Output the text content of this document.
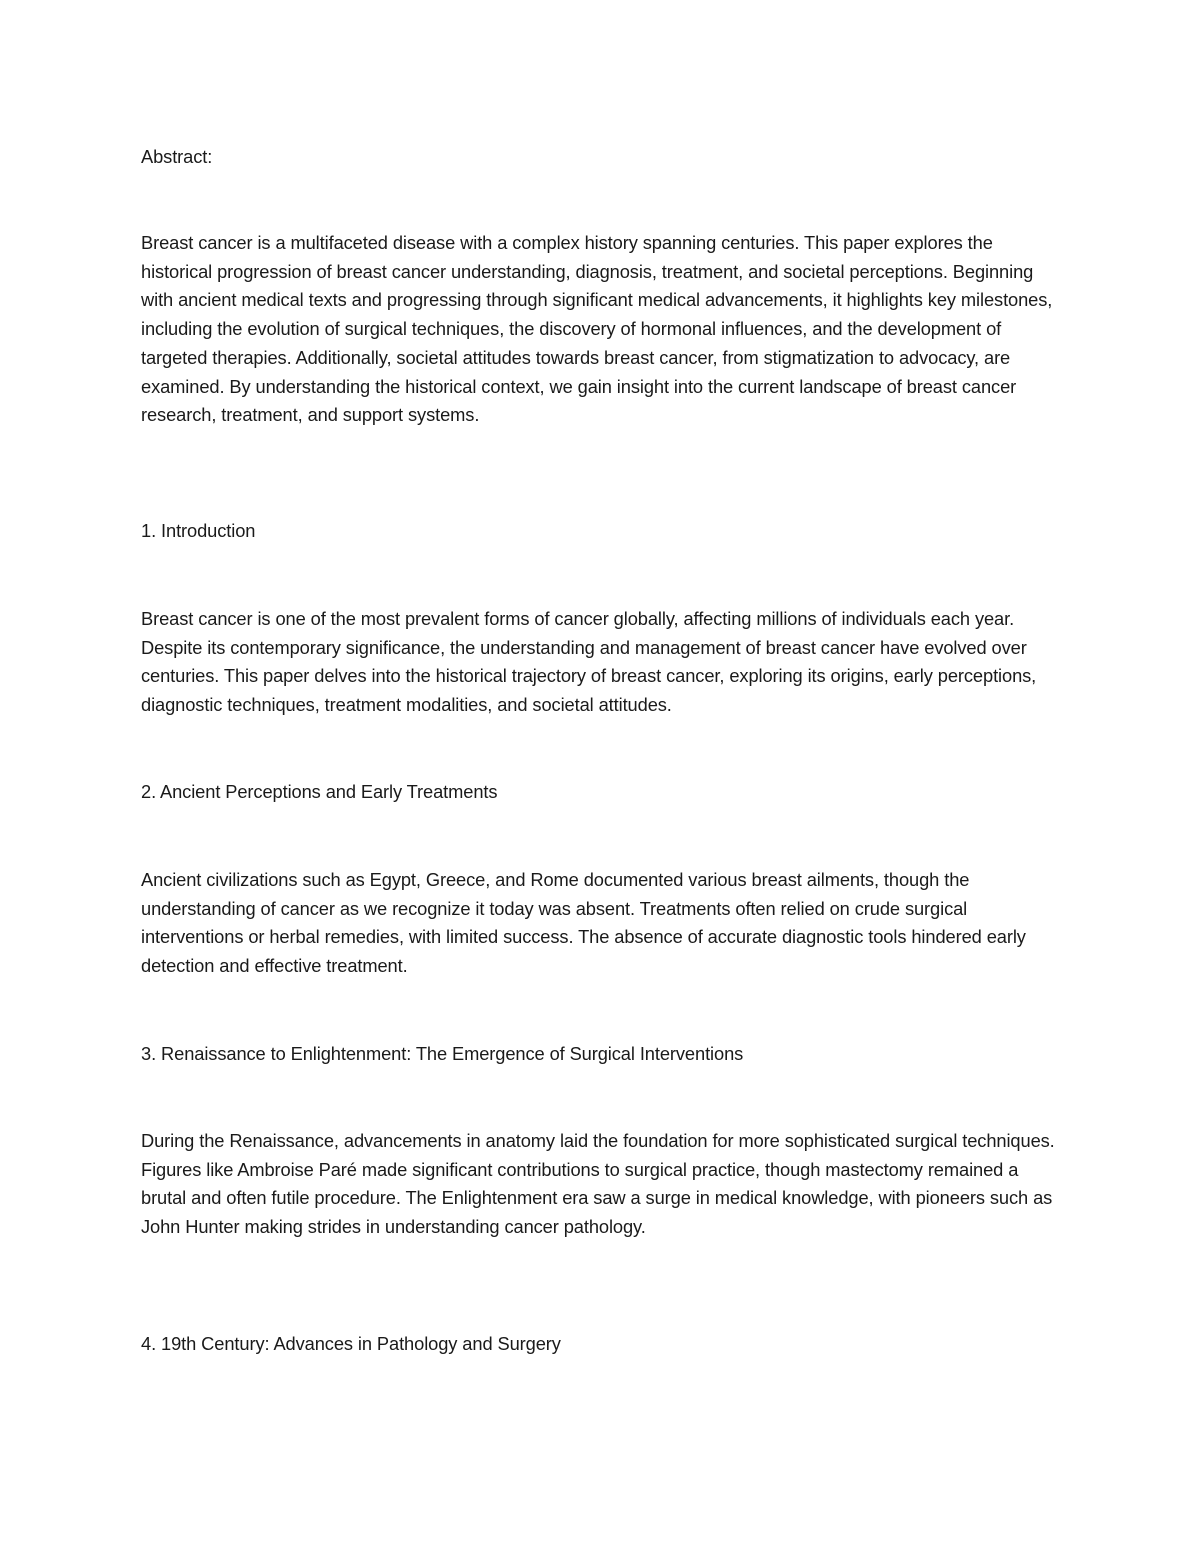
Abstract:

Breast cancer is a multifaceted disease with a complex history spanning centuries. This paper explores the historical progression of breast cancer understanding, diagnosis, treatment, and societal perceptions. Beginning with ancient medical texts and progressing through significant medical advancements, it highlights key milestones, including the evolution of surgical techniques, the discovery of hormonal influences, and the development of targeted therapies. Additionally, societal attitudes towards breast cancer, from stigmatization to advocacy, are examined. By understanding the historical context, we gain insight into the current landscape of breast cancer research, treatment, and support systems.

1. Introduction

Breast cancer is one of the most prevalent forms of cancer globally, affecting millions of individuals each year. Despite its contemporary significance, the understanding and management of breast cancer have evolved over centuries. This paper delves into the historical trajectory of breast cancer, exploring its origins, early perceptions, diagnostic techniques, treatment modalities, and societal attitudes.

2. Ancient Perceptions and Early Treatments

Ancient civilizations such as Egypt, Greece, and Rome documented various breast ailments, though the understanding of cancer as we recognize it today was absent. Treatments often relied on crude surgical interventions or herbal remedies, with limited success. The absence of accurate diagnostic tools hindered early detection and effective treatment.

3. Renaissance to Enlightenment: The Emergence of Surgical Interventions

During the Renaissance, advancements in anatomy laid the foundation for more sophisticated surgical techniques. Figures like Ambroise Paré made significant contributions to surgical practice, though mastectomy remained a brutal and often futile procedure. The Enlightenment era saw a surge in medical knowledge, with pioneers such as John Hunter making strides in understanding cancer pathology.

4. 19th Century: Advances in Pathology and Surgery
